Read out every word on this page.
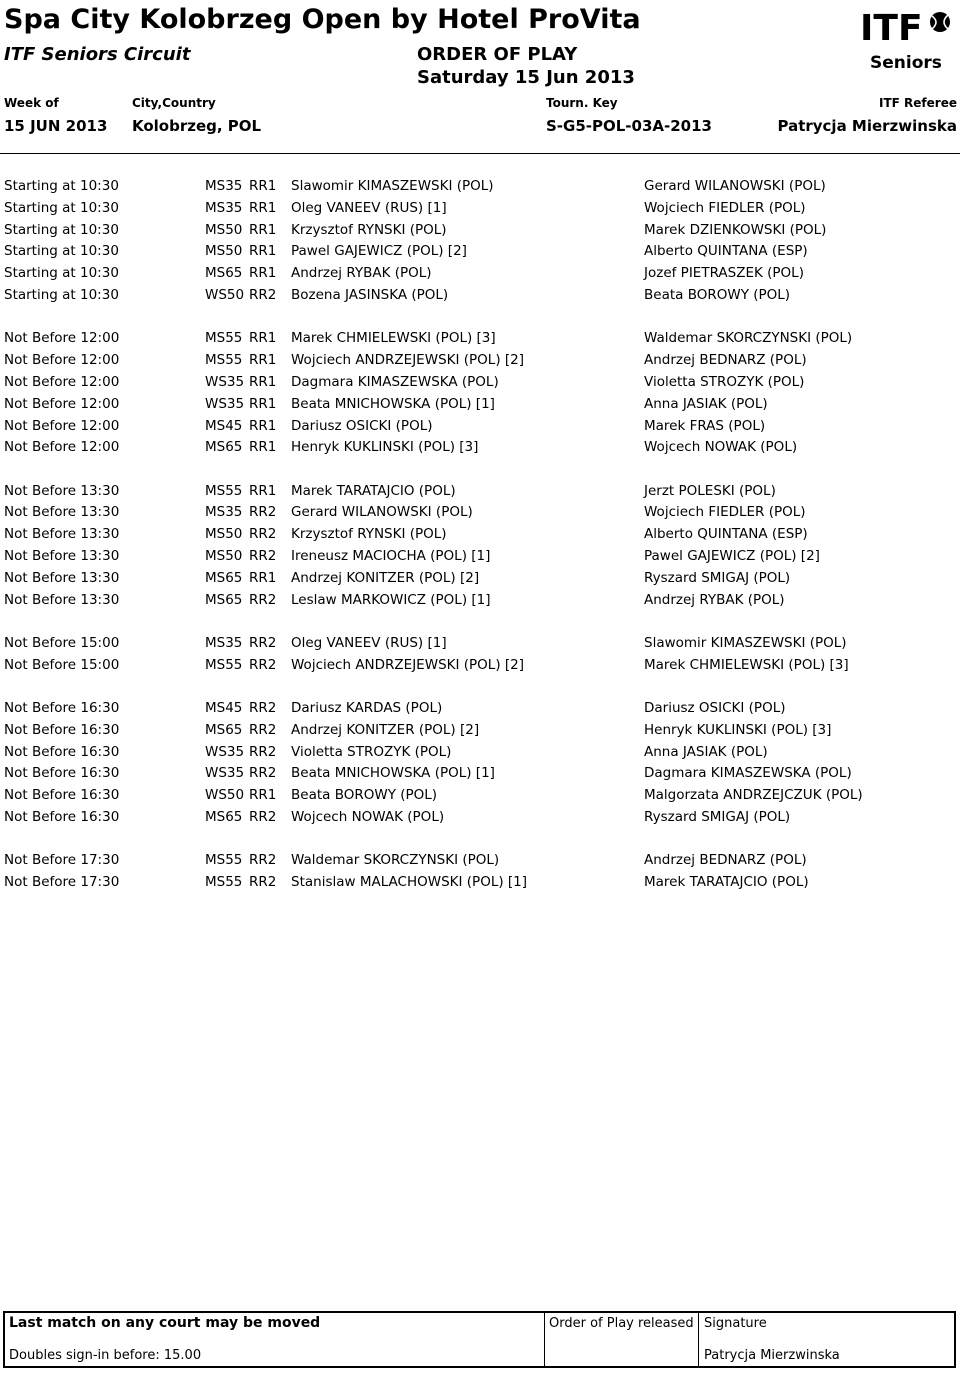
Spa City Kolobrzeg Open by Hotel ProVita
ITF Seniors Circuit	ORDER OF PLAY
Saturday 15 Jun 2013
ITF
Seniors
Week of	City,Country	Tourn. Key	ITF Referee
15 JUN 2013 Kolobrzeg, POL	S-G5-POL-03A-2013	Patrycja Mierzwinska
Starting at 10:30	MS35 RR1 Slawomir KIMASZEWSKI (POL)	Gerard WILANOWSKI (POL)
Starting at 10:30	MS35 RR1 Oleg VANEEV (RUS) [1]	Wojciech FIEDLER (POL)
Starting at 10:30	MS50 RR1 Krzysztof RYNSKI (POL)	Marek DZIENKOWSKI (POL)
Starting at 10:30	MS50 RR1 Pawel GAJEWICZ (POL) [2]	Alberto QUINTANA (ESP)
Starting at 10:30	MS65 RR1 Andrzej RYBAK (POL)	Jozef PIETRASZEK (POL)
Starting at 10:30	WS50 RR2 Bozena JASINSKA (POL)	Beata BOROWY (POL)
Not Before 12:00	MS55 RR1 Marek CHMIELEWSKI (POL) [3]	Waldemar SKORCZYNSKI (POL)
Not Before 12:00	MS55 RR1 Wojciech ANDRZEJEWSKI (POL) [2]	Andrzej BEDNARZ (POL)
Not Before 12:00	WS35 RR1 Dagmara KIMASZEWSKA (POL)	Violetta STROZYK (POL)
Not Before 12:00	WS35 RR1 Beata MNICHOWSKA (POL) [1]	Anna JASIAK (POL)
Not Before 12:00	MS45 RR1 Dariusz OSICKI (POL)	Marek FRAS (POL)
Not Before 12:00	MS65 RR1 Henryk KUKLINSKI (POL) [3]	Wojcech NOWAK (POL)
Not Before 13:30	MS55 RR1 Marek TARATAJCIO (POL)	Jerzt POLESKI (POL)
Not Before 13:30	MS35 RR2 Gerard WILANOWSKI (POL)	Wojciech FIEDLER (POL)
Not Before 13:30	MS50 RR2 Krzysztof RYNSKI (POL)	Alberto QUINTANA (ESP)
Not Before 13:30	MS50 RR2 Ireneusz MACIOCHA (POL) [1]	Pawel GAJEWICZ (POL) [2]
Not Before 13:30	MS65 RR1 Andrzej KONITZER (POL) [2]	Ryszard SMIGAJ (POL)
Not Before 13:30	MS65 RR2 Leslaw MARKOWICZ (POL) [1]	Andrzej RYBAK (POL)
Not Before 15:00	MS35 RR2 Oleg VANEEV (RUS) [1]	Slawomir KIMASZEWSKI (POL)
Not Before 15:00	MS55 RR2 Wojciech ANDRZEJEWSKI (POL) [2]	Marek CHMIELEWSKI (POL) [3]
Not Before 16:30	MS45 RR2 Dariusz KARDAS (POL)	Dariusz OSICKI (POL)
Not Before 16:30	MS65 RR2 Andrzej KONITZER (POL) [2]	Henryk KUKLINSKI (POL) [3]
Not Before 16:30	WS35 RR2 Violetta STROZYK (POL)	Anna JASIAK (POL)
Not Before 16:30	WS35 RR2 Beata MNICHOWSKA (POL) [1]	Dagmara KIMASZEWSKA (POL)
Not Before 16:30	WS50 RR1 Beata BOROWY (POL)	Malgorzata ANDRZEJCZUK (POL)
Not Before 16:30	MS65 RR2 Wojcech NOWAK (POL)	Ryszard SMIGAJ (POL)
Not Before 17:30	MS55 RR2 Waldemar SKORCZYNSKI (POL)	Andrzej BEDNARZ (POL)
Not Before 17:30	MS55 RR2 Stanislaw MALACHOWSKI (POL) [1]	Marek TARATAJCIO (POL)
Last match on any court may be moved
Doubles sign-in before: 15.00
Order of Play released Signature
Patrycja Mierzwinska
